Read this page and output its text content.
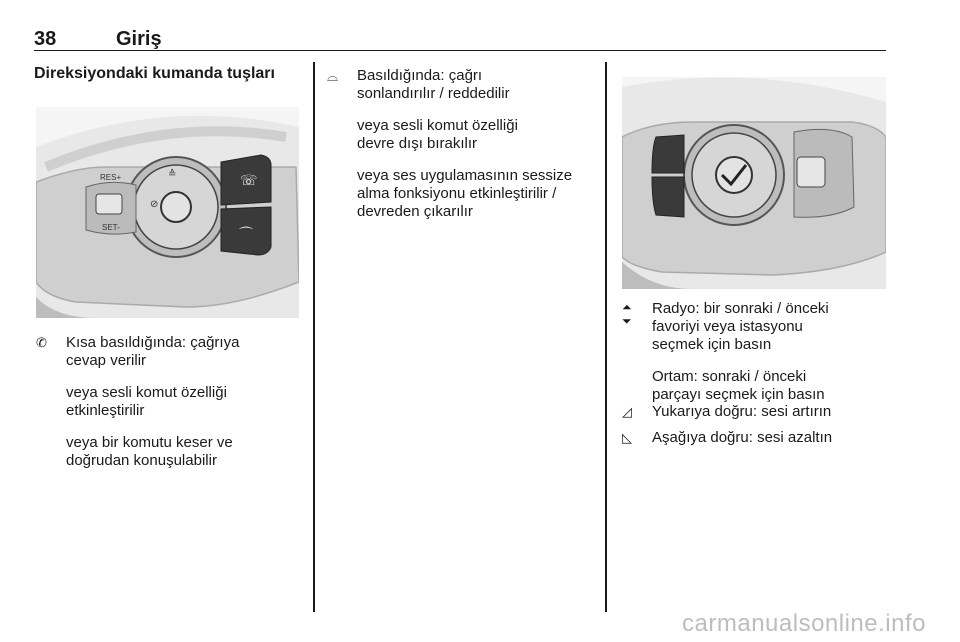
38	Giriş
Direksiyondaki kumanda tuşları
RES+
SET-
☏
⌒
⊘
≙
✆	Kısa basıldığında: çağrıya cevap verilir

veya sesli komut özelliği etkinleştirilir

veya bir komutu keser ve doğrudan konuşulabilir

⌓	Basıldığında: çağrı sonlandırılır / reddedilir

veya sesli komut özelliği devre dışı bırakılır

veya ses uygulamasının sessize alma fonksiyonu etkinleştirilir / devreden çıkarılır

⏶
⏷

Radyo: bir sonraki / önceki favoriyi veya istasyonu seçmek için basın

Ortam: sonraki / önceki parçayı seçmek için basın

◿	Yukarıya doğru: sesi artırın

◺	Aşağıya doğru: sesi azaltın

carmanualsonline.info
